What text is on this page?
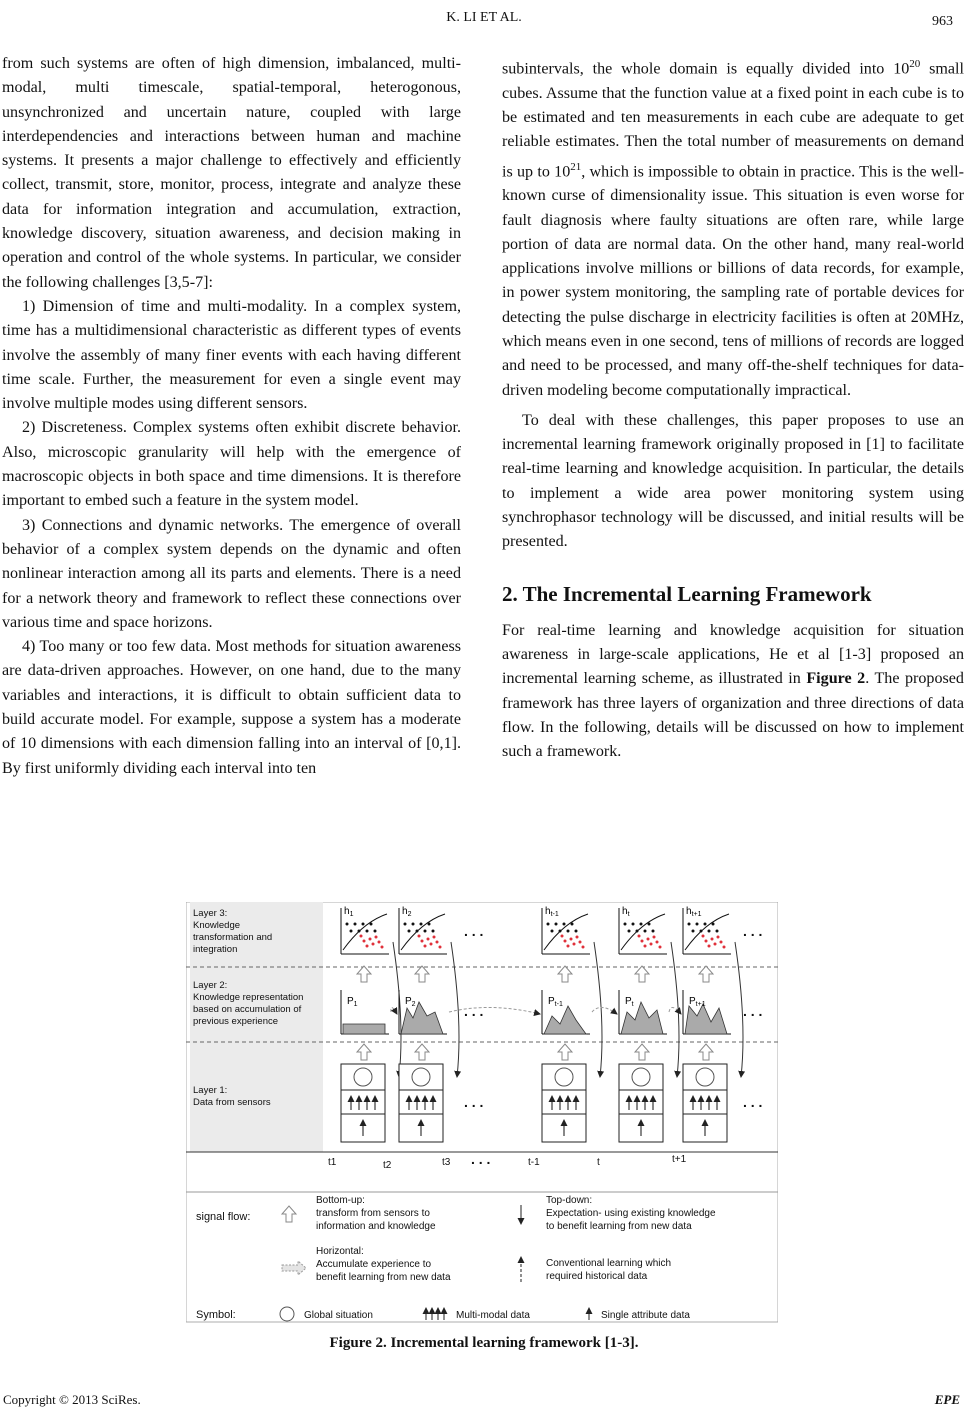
K. LI ET AL.	963

from such systems are often of high dimension, imbalanced, multi-modal, multi timescale, spatial-temporal, heterogonous, unsynchronized and uncertain nature, coupled with large interdependencies and interactions between human and machine systems. It presents a major challenge to effectively and efficiently collect, transmit, store, monitor, process, integrate and analyze these data for information integration and accumulation, extraction, knowledge discovery, situation awareness, and decision making in operation and control of the whole systems. In particular, we consider the following challenges [3,5-7]:

1) Dimension of time and multi-modality. In a complex system, time has a multidimensional characteristic as different types of events involve the assembly of many finer events with each having different time scale. Further, the measurement for even a single event may involve multiple modes using different sensors.

2) Discreteness. Complex systems often exhibit discrete behavior. Also, microscopic granularity will help with the emergence of macroscopic objects in both space and time dimensions. It is therefore important to embed such a feature in the system model.

3) Connections and dynamic networks. The emergence of overall behavior of a complex system depends on the dynamic and often nonlinear interaction among all its parts and elements. There is a need for a network theory and framework to reflect these connections over various time and space horizons.

4) Too many or too few data. Most methods for situation awareness are data-driven approaches. However, on one hand, due to the many variables and interactions, it is difficult to obtain sufficient data to build accurate model. For example, suppose a system has a moderate of 10 dimensions with each dimension falling into an interval of [0,1]. By first uniformly dividing each interval into ten

subintervals, the whole domain is equally divided into $10^{20}$ small cubes. Assume that the function value at a fixed point in each cube is to be estimated and ten measurements in each cube are adequate to get reliable estimates. Then the total number of measurements on demand is up to $10^{21}$, which is impossible to obtain in practice. This is the well-known curse of dimensionality issue. This situation is even worse for fault diagnosis where faulty situations are often rare, while large portion of data are normal data. On the other hand, many real-world applications involve millions or billions of data records, for example, in power system monitoring, the sampling rate of portable devices for detecting the pulse discharge in electricity facilities is often at 20MHz, which means even in one second, tens of millions of records are logged and need to be processed, and many off-the-shelf techniques for data-driven modeling become computationally impractical.

To deal with these challenges, this paper proposes to use an incremental learning framework originally proposed in [1] to facilitate real-time learning and knowledge acquisition. In particular, the details to implement a wide area power monitoring system using synchrophasor technology will be discussed, and initial results will be presented.

2. The Incremental Learning Framework

For real-time learning and knowledge acquisition for situation awareness in large-scale applications, He et al [1-3] proposed an incremental learning scheme, as illustrated in Figure 2. The proposed framework has three layers of organization and three directions of data flow. In the following, details will be discussed on how to implement such a framework.

Layer 3: Knowledge transformation and integration
Layer 2: Knowledge representation based on accumulation of previous experience
Layer 1: Data from sensors
$h_1$
$P_1$
$h_2$
$P_2$
$h_{t-1}$
$P_{t-1}$
$h_t$
$P_t$
$h_{t+1}$
$P_{t+1}$
. . .
. . .
. . .
. . .
. . .
. . .
. . .
t1	t2	t3	t-1	t	t+1
signal flow:
Bottom-up: transform from sensors to information and knowledge
Top-down: Expectation- using existing knowledge to benefit learning from new data
Horizontal: Accumulate experience to benefit learning from new data
Conventional learning which required historical data
Symbol:	Global situation	Multi-modal data	Single attribute data
Figure 2. Incremental learning framework [1-3].
Copyright © 2013 SciRes.	EPE
